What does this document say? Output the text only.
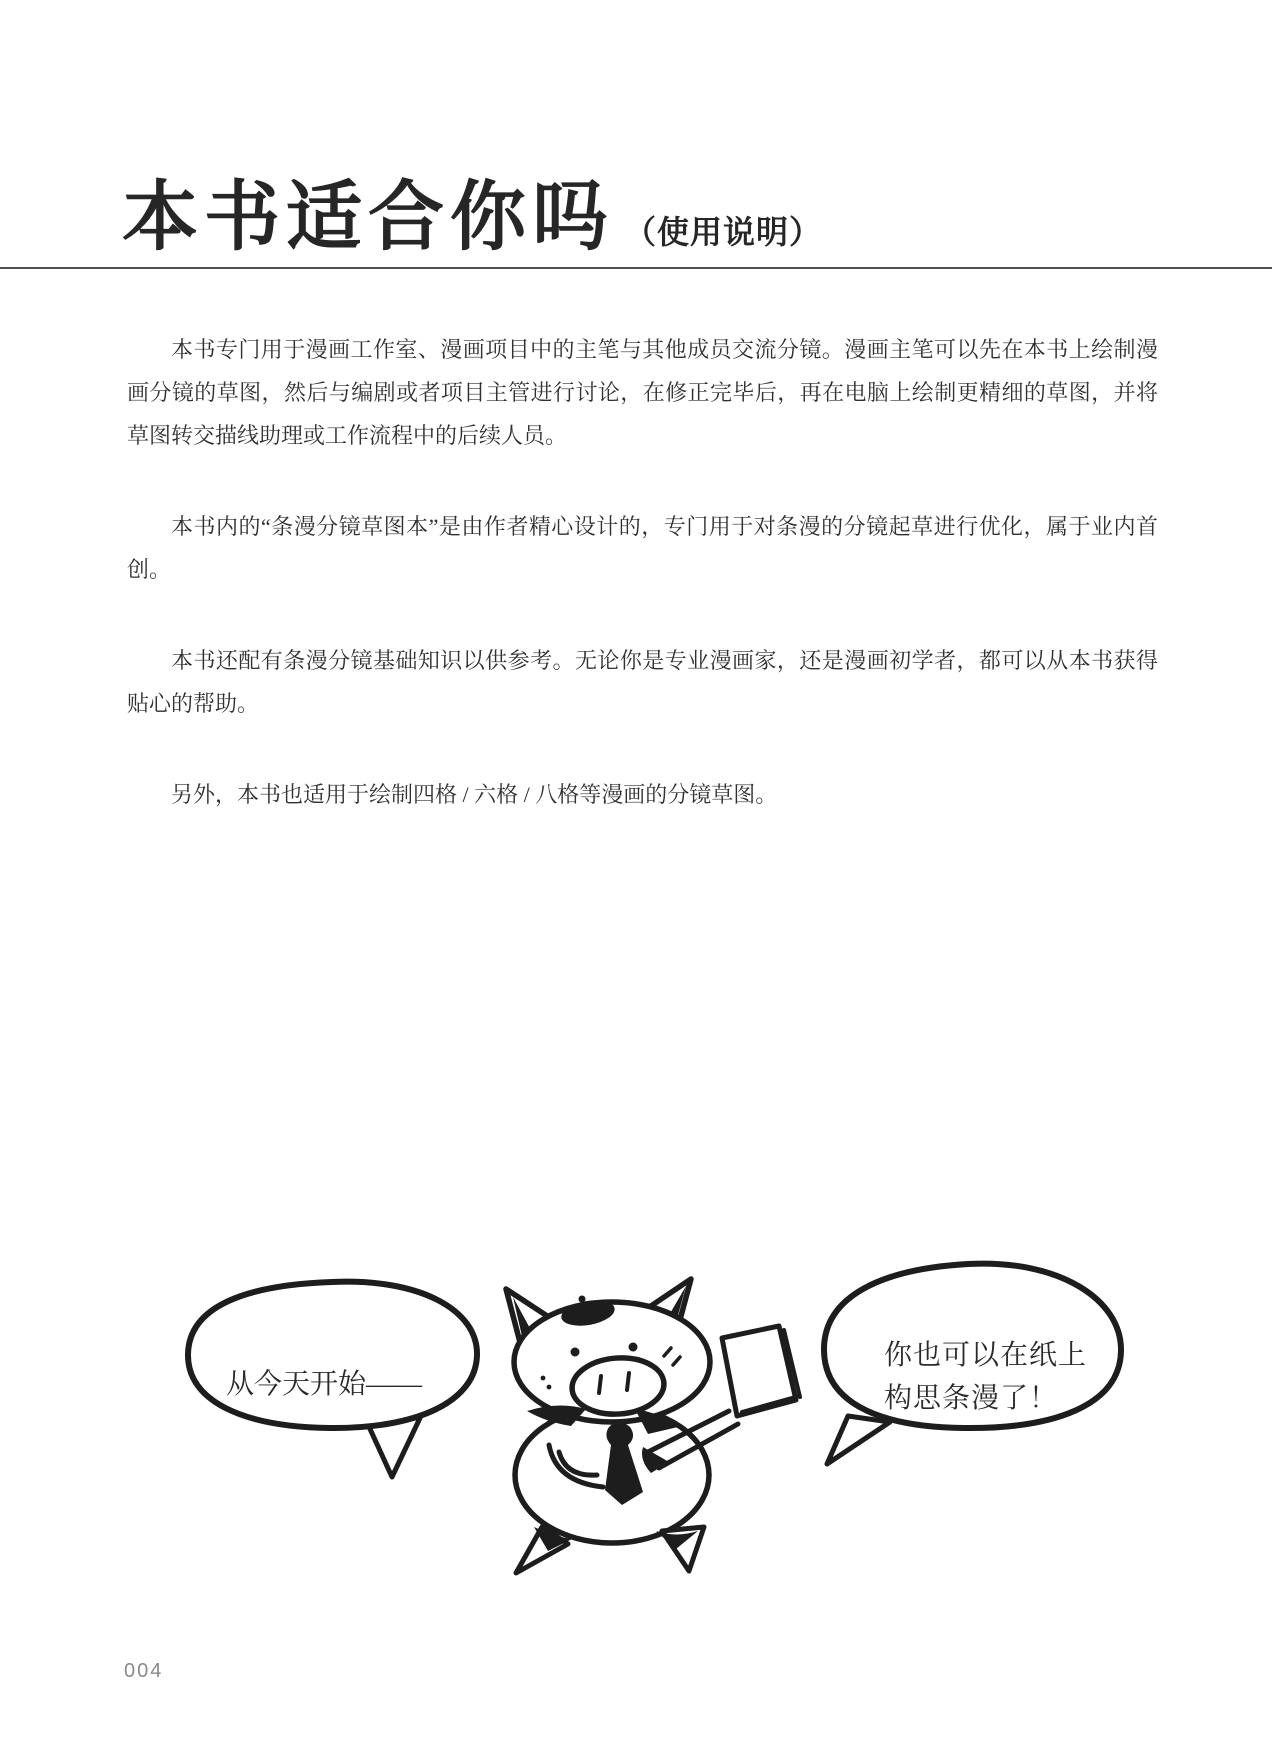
本书适合你吗 （使用说明）

本书专门用于漫画工作室、漫画项目中的主笔与其他成员交流分镜。漫画主笔可以先在本书上绘制漫画分镜的草图，然后与编剧或者项目主管进行讨论，在修正完毕后，再在电脑上绘制更精细的草图，并将草图转交描线助理或工作流程中的后续人员。

本书内的“条漫分镜草图本”是由作者精心设计的，专门用于对条漫的分镜起草进行优化，属于业内首创。

本书还配有条漫分镜基础知识以供参考。无论你是专业漫画家，还是漫画初学者，都可以从本书获得贴心的帮助。

另外，本书也适用于绘制四格 / 六格 / 八格等漫画的分镜草图。

从今天开始——
你也可以在纸上
构思条漫了！
004
